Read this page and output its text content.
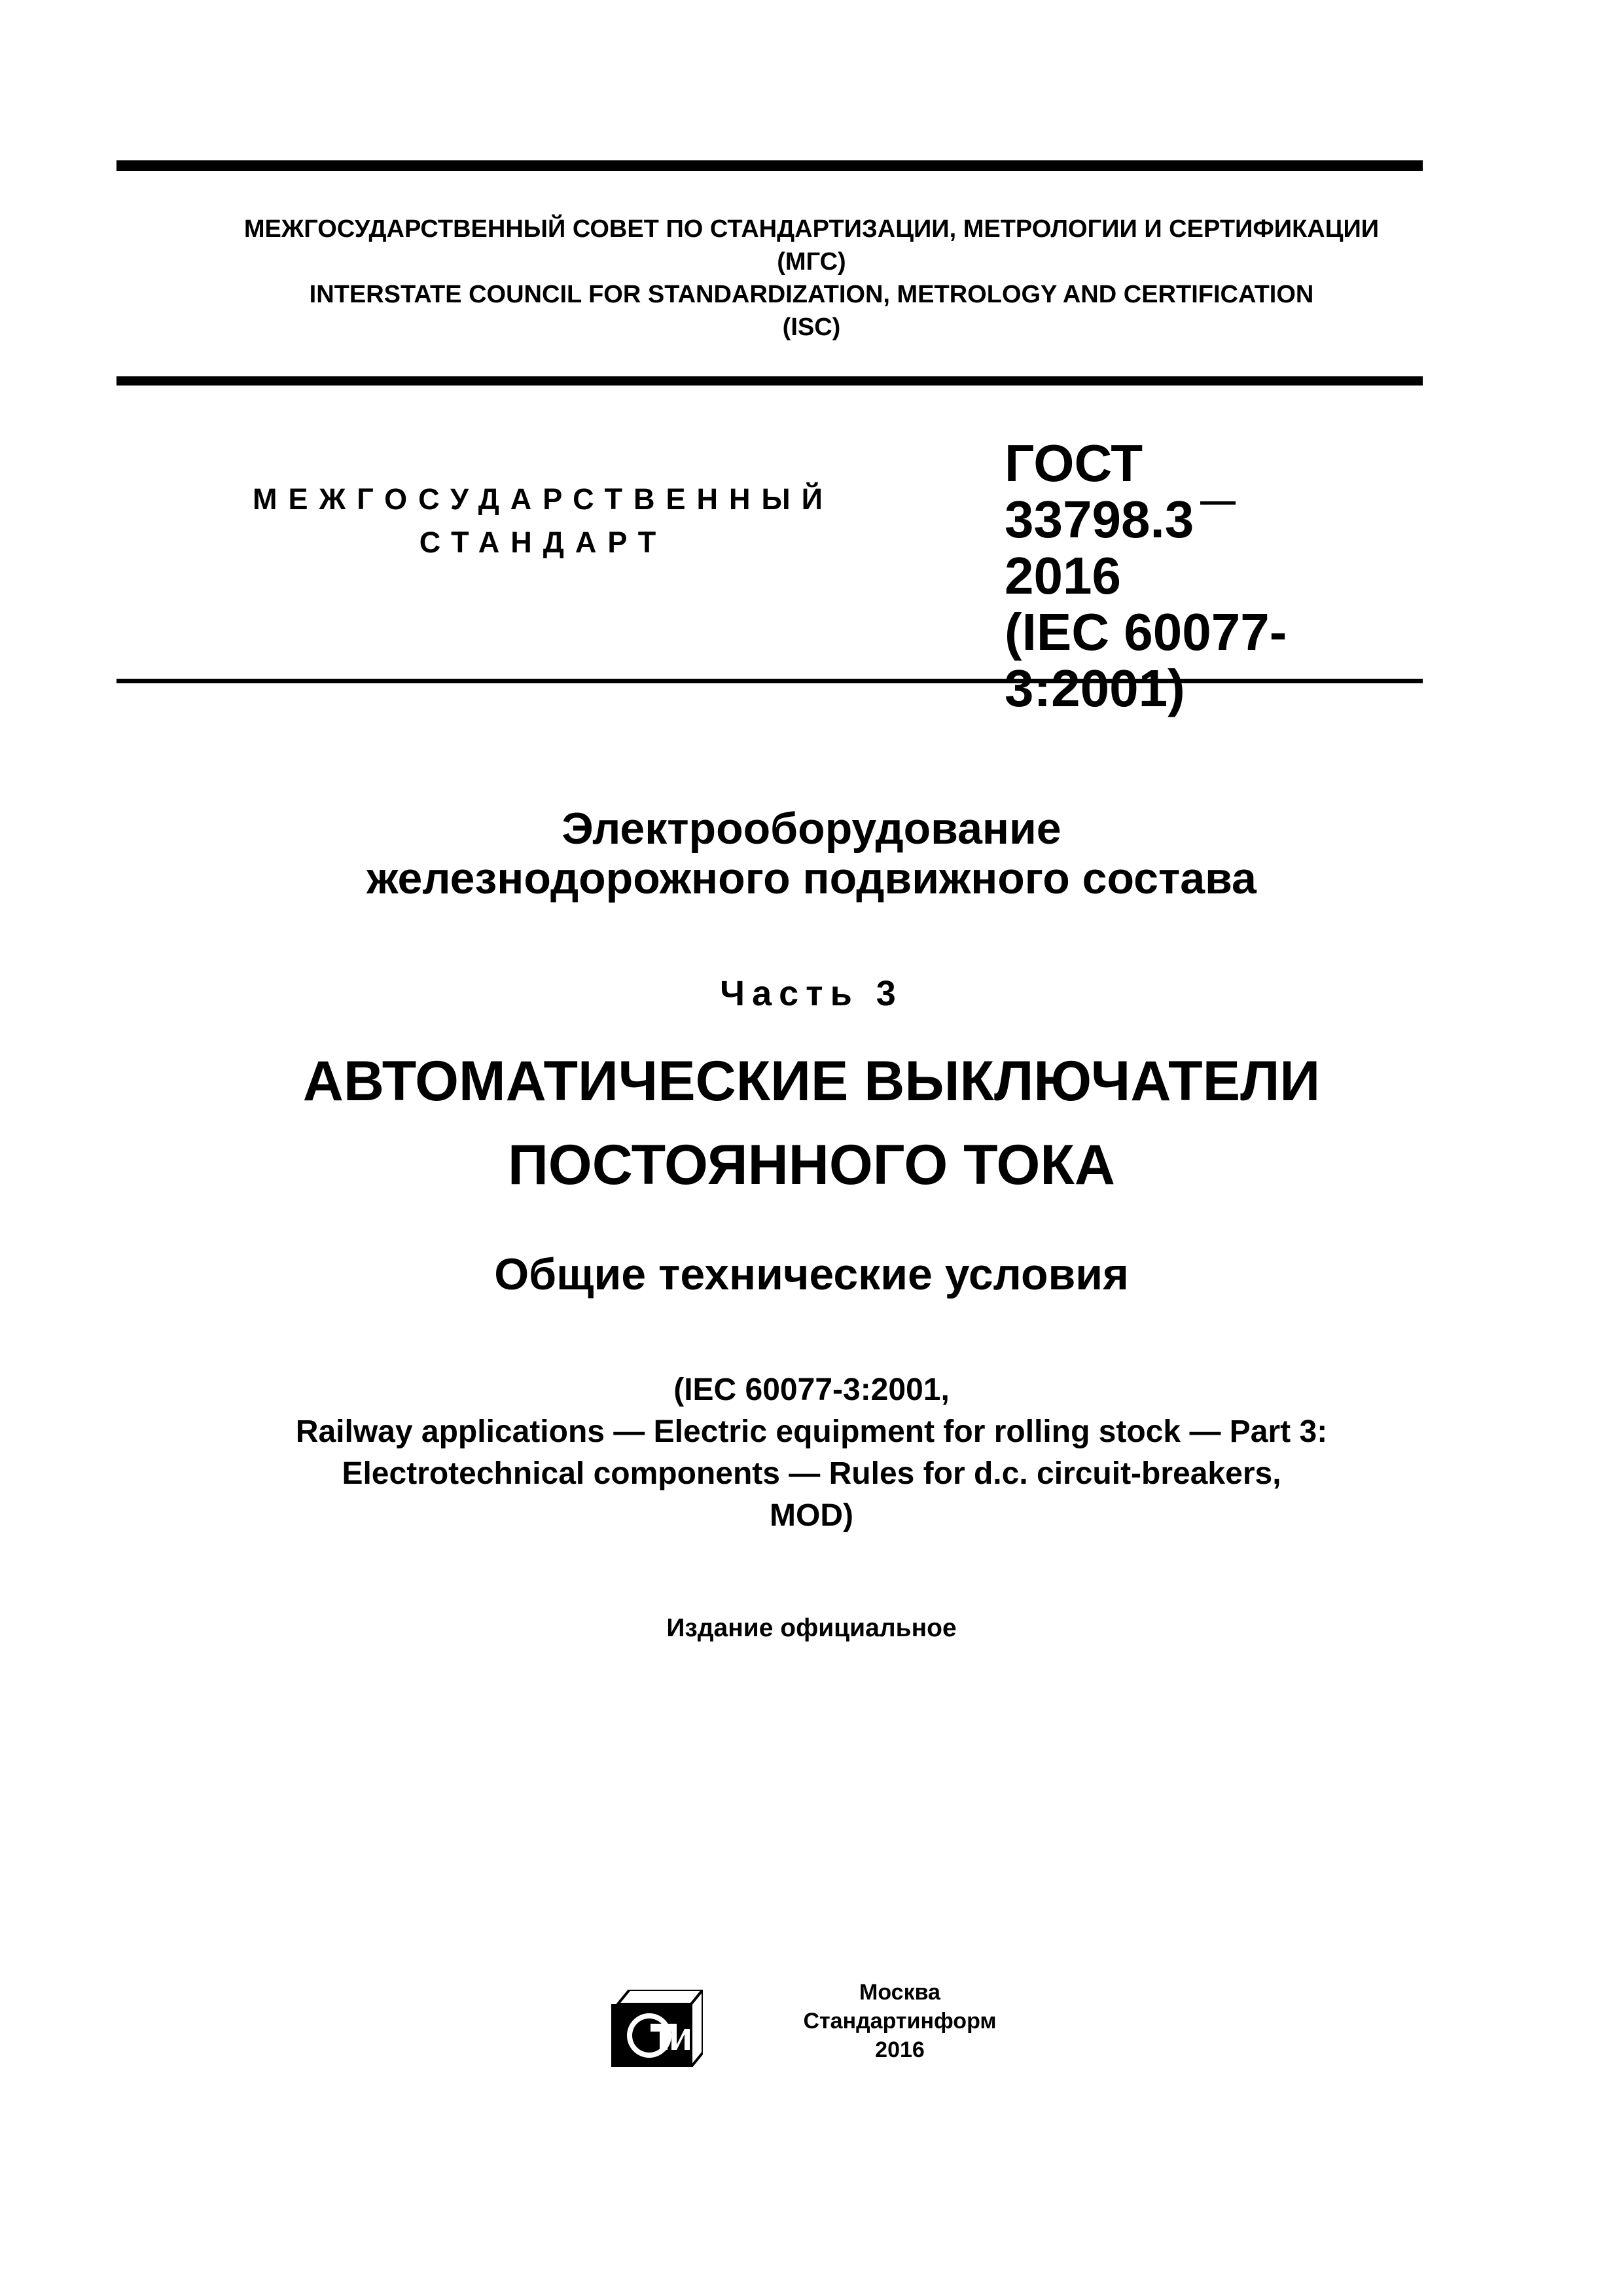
МЕЖГОСУДАРСТВЕННЫЙ СОВЕТ ПО СТАНДАРТИЗАЦИИ, МЕТРОЛОГИИ И СЕРТИФИКАЦИИ
(МГС)
INTERSTATE COUNCIL FOR STANDARDIZATION, METROLOGY AND CERTIFICATION
(ISC)
МЕЖГОСУДАРСТВЕННЫЙ
СТАНДАРТ
ГОСТ
33798.3
2016
(IEC 60077-3:2001)
Электрооборудование
железнодорожного подвижного состава
Часть 3
АВТОМАТИЧЕСКИЕ ВЫКЛЮЧАТЕЛИ
ПОСТОЯННОГО ТОКА
Общие технические условия
(IEC 60077-3:2001,
Railway applications — Electric equipment for rolling stock — Part 3:
Electrotechnical components — Rules for d.c. circuit-breakers,
MOD)
Издание официальное
Москва
Стандартинформ
2016
